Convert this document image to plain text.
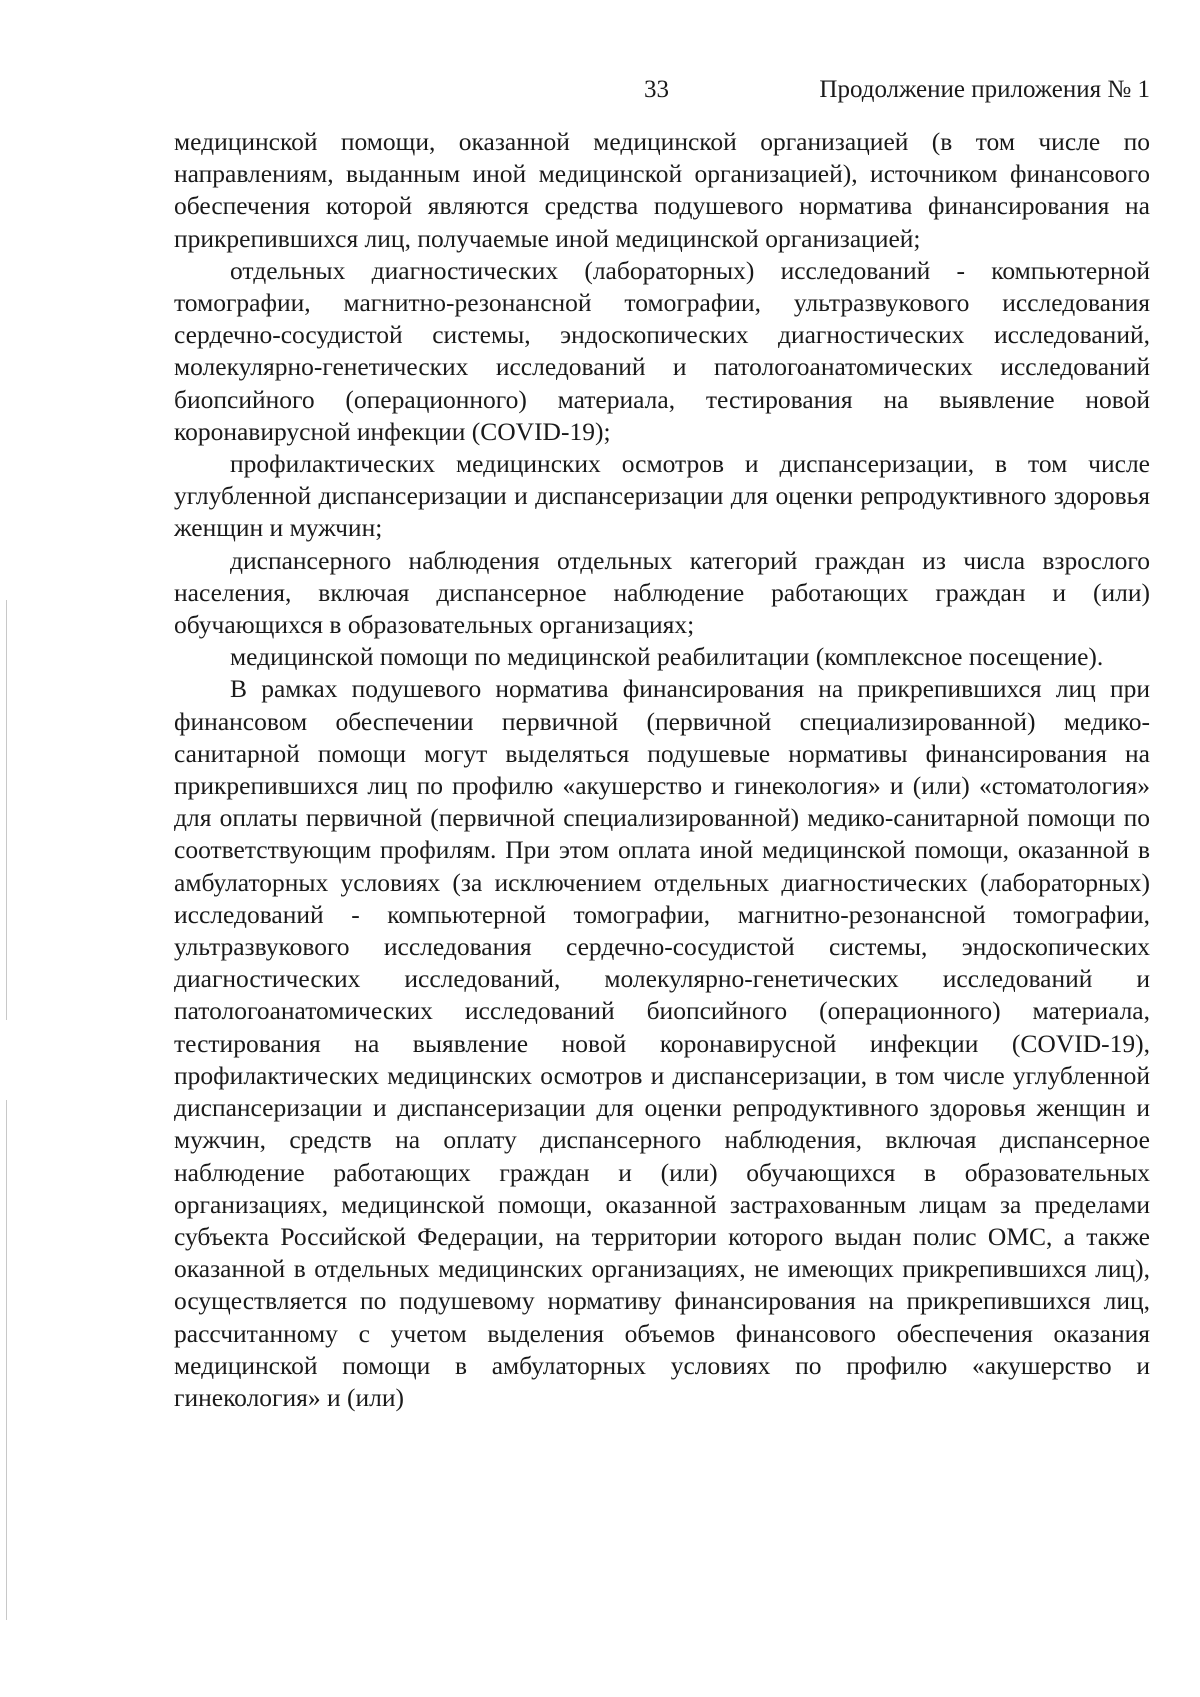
33	Продолжение приложения № 1

медицинской помощи, оказанной медицинской организацией (в том числе по направлениям, выданным иной медицинской организацией), источником финансового обеспечения которой являются средства подушевого норматива финансирования на прикрепившихся лиц, получаемые иной медицинской организацией;

отдельных диагностических (лабораторных) исследований - компьютерной томографии, магнитно-резонансной томографии, ультразвукового исследования сердечно-сосудистой системы, эндоскопических диагностических исследований, молекулярно-генетических исследований и патологоанатомических исследований биопсийного (операционного) материала, тестирования на выявление новой коронавирусной инфекции (COVID-19);

профилактических медицинских осмотров и диспансеризации, в том числе углубленной диспансеризации и диспансеризации для оценки репродуктивного здоровья женщин и мужчин;

диспансерного наблюдения отдельных категорий граждан из числа взрослого населения, включая диспансерное наблюдение работающих граждан и (или) обучающихся в образовательных организациях;

медицинской помощи по медицинской реабилитации (комплексное посещение).

В рамках подушевого норматива финансирования на прикрепившихся лиц при финансовом обеспечении первичной (первичной специализированной) медико-санитарной помощи могут выделяться подушевые нормативы финансирования на прикрепившихся лиц по профилю «акушерство и гинекология» и (или) «стоматология» для оплаты первичной (первичной специализированной) медико-санитарной помощи по соответствующим профилям. При этом оплата иной медицинской помощи, оказанной в амбулаторных условиях (за исключением отдельных диагностических (лабораторных) исследований - компьютерной томографии, магнитно-резонансной томографии, ультразвукового исследования сердечно-сосудистой системы, эндоскопических диагностических исследований, молекулярно-генетических исследований и патологоанатомических исследований биопсийного (операционного) материала, тестирования на выявление новой коронавирусной инфекции (COVID-19), профилактических медицинских осмотров и диспансеризации, в том числе углубленной диспансеризации и диспансеризации для оценки репродуктивного здоровья женщин и мужчин, средств на оплату диспансерного наблюдения, включая диспансерное наблюдение работающих граждан и (или) обучающихся в образовательных организациях, медицинской помощи, оказанной застрахованным лицам за пределами субъекта Российской Федерации, на территории которого выдан полис ОМС, а также оказанной в отдельных медицинских организациях, не имеющих прикрепившихся лиц), осуществляется по подушевому нормативу финансирования на прикрепившихся лиц, рассчитанному с учетом выделения объемов финансового обеспечения оказания медицинской помощи в амбулаторных условиях по профилю «акушерство и гинекология» и (или)
